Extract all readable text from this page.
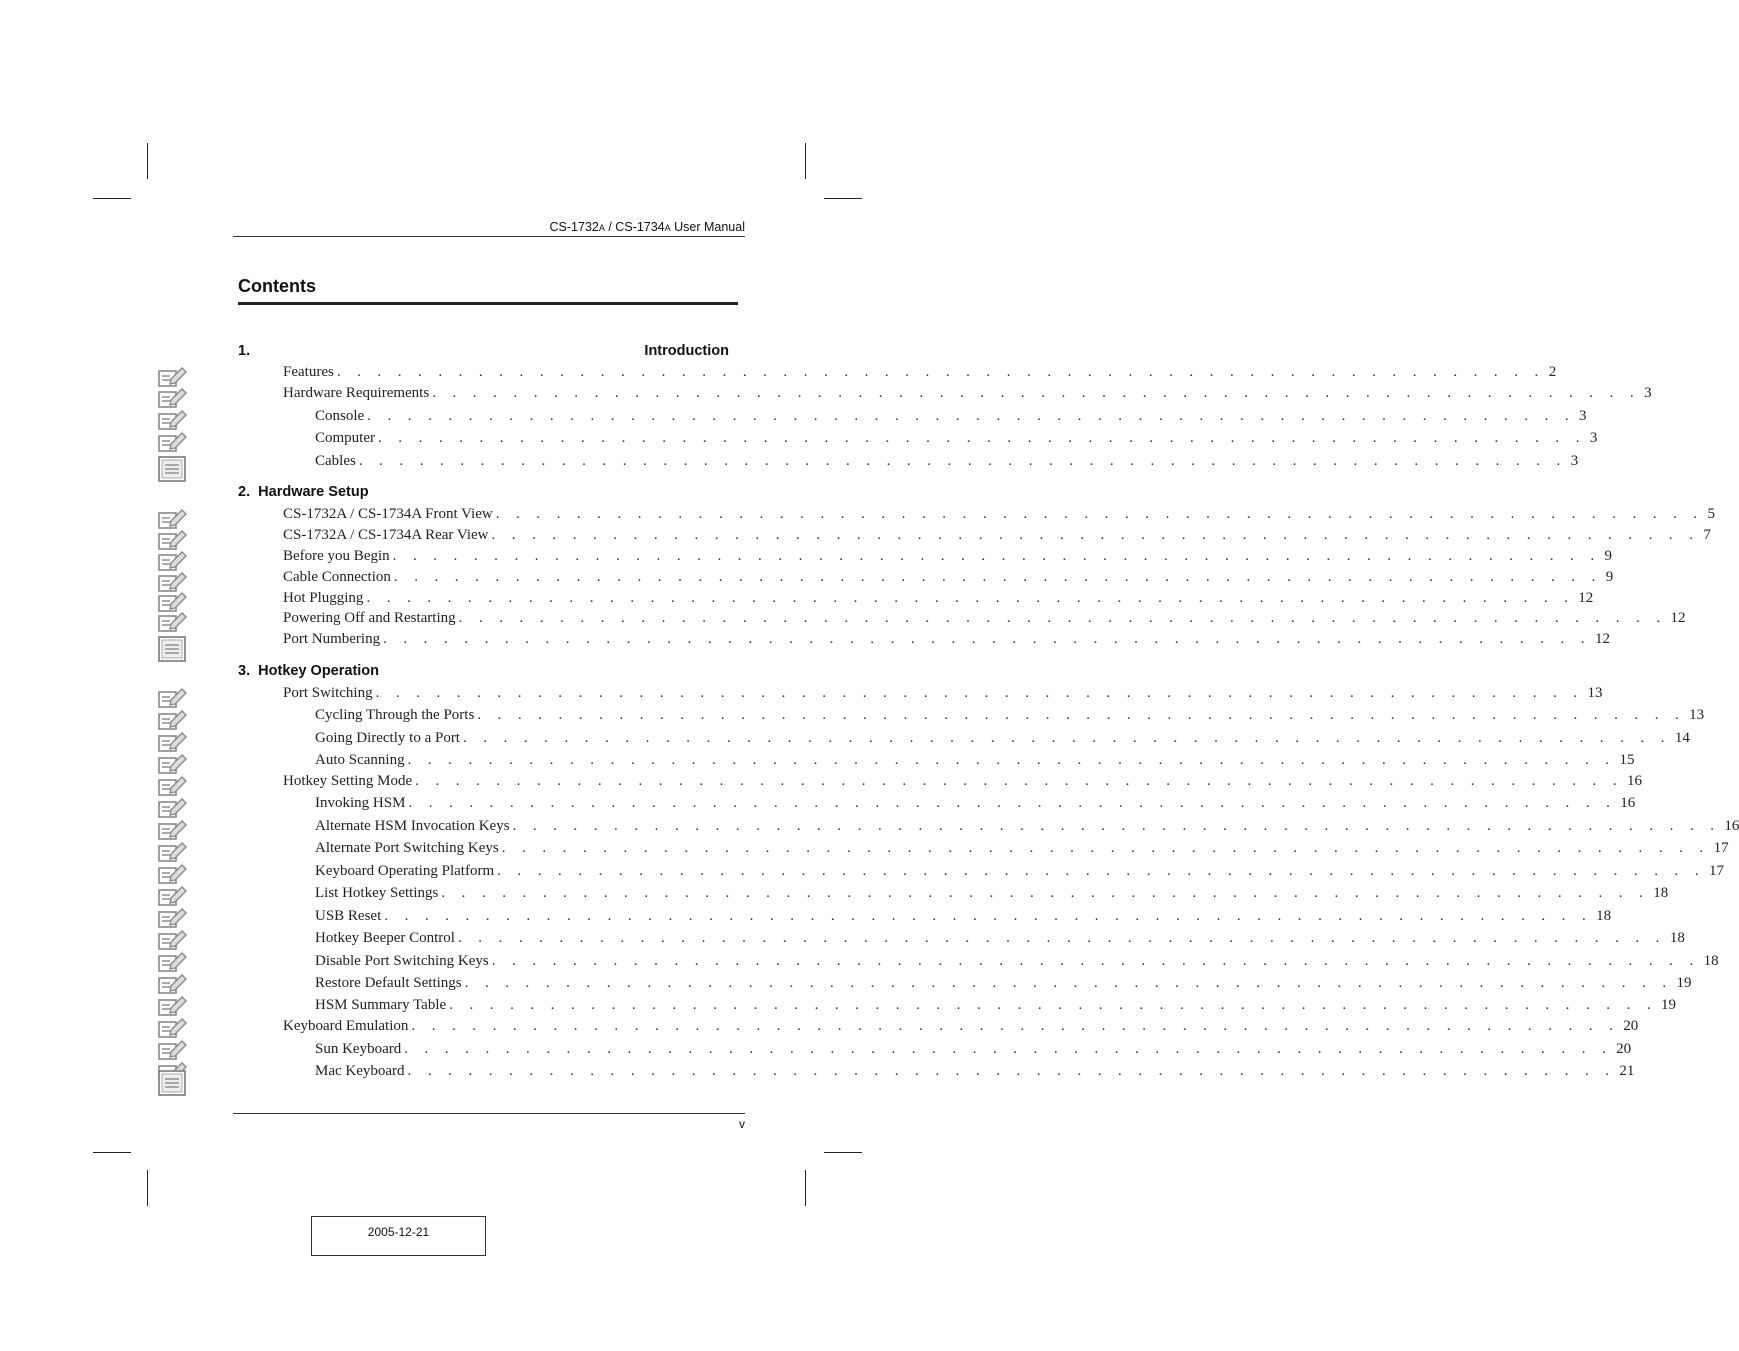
CS-1732A / CS-1734A User Manual
Contents
1.	Introduction
Features . . . . . . . . . . . . . . . . . . . . . . . . . . . . . . . . . . . . . . . . . . . . . . . . . . . . . . . . . . . . 2
Hardware Requirements . . . . . . . . . . . . . . . . . . . . . . . . . . . . . . . . . . . . . . . . . . . . . . . . . . . . . . . . . . . . 3
Console . . . . . . . . . . . . . . . . . . . . . . . . . . . . . . . . . . . . . . . . . . . . . . . . . . . . . . . . . . . . 3
Computer . . . . . . . . . . . . . . . . . . . . . . . . . . . . . . . . . . . . . . . . . . . . . . . . . . . . . . . . . . . . 3
Cables . . . . . . . . . . . . . . . . . . . . . . . . . . . . . . . . . . . . . . . . . . . . . . . . . . . . . . . . . . . . 3
2. Hardware Setup
CS-1732A / CS-1734A Front View . . . . . . . . . . . . . . . . . . . . . . . . . . . . . . . . . . . . . . . . . . . . . . . . . . . . . . . . . . . . 5
CS-1732A / CS-1734A Rear View . . . . . . . . . . . . . . . . . . . . . . . . . . . . . . . . . . . . . . . . . . . . . . . . . . . . . . . . . . . . 7
Before you Begin . . . . . . . . . . . . . . . . . . . . . . . . . . . . . . . . . . . . . . . . . . . . . . . . . . . . . . . . . . . . 9
Cable Connection . . . . . . . . . . . . . . . . . . . . . . . . . . . . . . . . . . . . . . . . . . . . . . . . . . . . . . . . . . . . 9
Hot Plugging . . . . . . . . . . . . . . . . . . . . . . . . . . . . . . . . . . . . . . . . . . . . . . . . . . . . . . . . . . . . 12
Powering Off and Restarting . . . . . . . . . . . . . . . . . . . . . . . . . . . . . . . . . . . . . . . . . . . . . . . . . . . . . . . . . . . . 12
Port Numbering . . . . . . . . . . . . . . . . . . . . . . . . . . . . . . . . . . . . . . . . . . . . . . . . . . . . . . . . . . . . 12
3. Hotkey Operation
Port Switching . . . . . . . . . . . . . . . . . . . . . . . . . . . . . . . . . . . . . . . . . . . . . . . . . . . . . . . . . . . . 13
Cycling Through the Ports . . . . . . . . . . . . . . . . . . . . . . . . . . . . . . . . . . . . . . . . . . . . . . . . . . . . . . . . . . . . 13
Going Directly to a Port . . . . . . . . . . . . . . . . . . . . . . . . . . . . . . . . . . . . . . . . . . . . . . . . . . . . . . . . . . . . 14
Auto Scanning . . . . . . . . . . . . . . . . . . . . . . . . . . . . . . . . . . . . . . . . . . . . . . . . . . . . . . . . . . . . 15
Hotkey Setting Mode . . . . . . . . . . . . . . . . . . . . . . . . . . . . . . . . . . . . . . . . . . . . . . . . . . . . . . . . . . . . 16
Invoking HSM . . . . . . . . . . . . . . . . . . . . . . . . . . . . . . . . . . . . . . . . . . . . . . . . . . . . . . . . . . . . 16
Alternate HSM Invocation Keys . . . . . . . . . . . . . . . . . . . . . . . . . . . . . . . . . . . . . . . . . . . . . . . . . . . . . . . . . . . . 16
Alternate Port Switching Keys . . . . . . . . . . . . . . . . . . . . . . . . . . . . . . . . . . . . . . . . . . . . . . . . . . . . . . . . . . . . 17
Keyboard Operating Platform . . . . . . . . . . . . . . . . . . . . . . . . . . . . . . . . . . . . . . . . . . . . . . . . . . . . . . . . . . . . 17
List Hotkey Settings . . . . . . . . . . . . . . . . . . . . . . . . . . . . . . . . . . . . . . . . . . . . . . . . . . . . . . . . . . . . 18
USB Reset . . . . . . . . . . . . . . . . . . . . . . . . . . . . . . . . . . . . . . . . . . . . . . . . . . . . . . . . . . . . 18
Hotkey Beeper Control . . . . . . . . . . . . . . . . . . . . . . . . . . . . . . . . . . . . . . . . . . . . . . . . . . . . . . . . . . . . 18
Disable Port Switching Keys . . . . . . . . . . . . . . . . . . . . . . . . . . . . . . . . . . . . . . . . . . . . . . . . . . . . . . . . . . . . 18
Restore Default Settings . . . . . . . . . . . . . . . . . . . . . . . . . . . . . . . . . . . . . . . . . . . . . . . . . . . . . . . . . . . . 19
HSM Summary Table . . . . . . . . . . . . . . . . . . . . . . . . . . . . . . . . . . . . . . . . . . . . . . . . . . . . . . . . . . . . 19
Keyboard Emulation . . . . . . . . . . . . . . . . . . . . . . . . . . . . . . . . . . . . . . . . . . . . . . . . . . . . . . . . . . . . 20
Sun Keyboard . . . . . . . . . . . . . . . . . . . . . . . . . . . . . . . . . . . . . . . . . . . . . . . . . . . . . . . . . . . . 20
Mac Keyboard . . . . . . . . . . . . . . . . . . . . . . . . . . . . . . . . . . . . . . . . . . . . . . . . . . . . . . . . . . . . 21
v
2005-12-21
